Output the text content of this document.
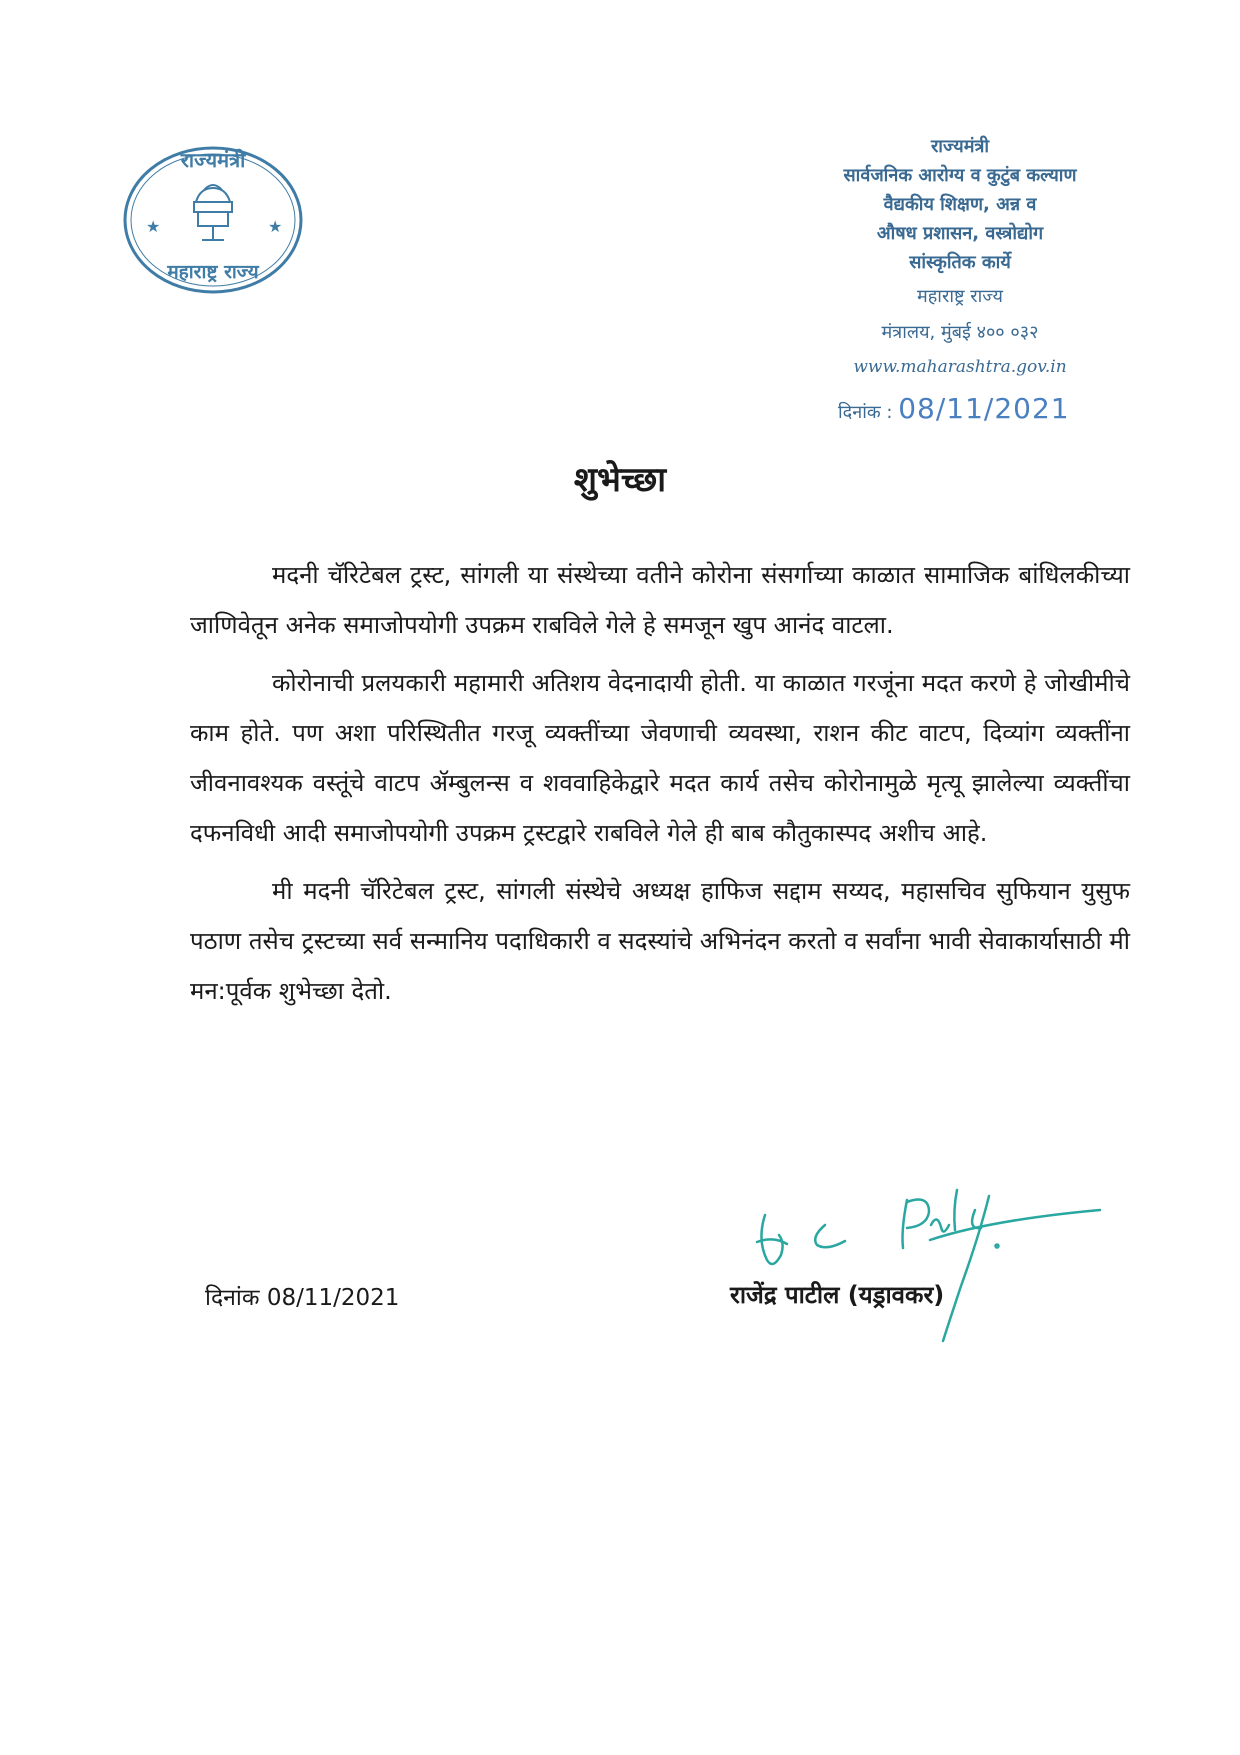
★	★
राज्यमंत्री
महाराष्ट्र राज्य
राज्यमंत्री
सार्वजनिक आरोग्य व कुटुंब कल्याण
वैद्यकीय शिक्षण, अन्न व
औषध प्रशासन, वस्त्रोद्योग
सांस्कृतिक कार्ये
महाराष्ट्र राज्य
मंत्रालय, मुंबई ४०० ०३२
www.maharashtra.gov.in
दिनांक : 08/11/2021
शुभेच्छा

मदनी चॅरिटेबल ट्रस्ट, सांगली या संस्थेच्या वतीने कोरोना संसर्गाच्या काळात सामाजिक बांधिलकीच्या जाणिवेतून अनेक समाजोपयोगी उपक्रम राबविले गेले हे समजून खुप आनंद वाटला.

कोरोनाची प्रलयकारी महामारी अतिशय वेदनादायी होती. या काळात गरजूंना मदत करणे हे जोखीमीचे काम होते. पण अशा परिस्थितीत गरजू व्यक्तींच्या जेवणाची व्यवस्था, राशन कीट वाटप, दिव्यांग व्यक्तींना जीवनावश्यक वस्तूंचे वाटप ॲम्बुलन्स व शववाहिकेद्वारे मदत कार्य तसेच कोरोनामुळे मृत्यू झालेल्या व्यक्तींचा दफनविधी आदी समाजोपयोगी उपक्रम ट्रस्टद्वारे राबविले गेले ही बाब कौतुकास्पद अशीच आहे.

मी मदनी चॅरिटेबल ट्रस्ट, सांगली संस्थेचे अध्यक्ष हाफिज सद्दाम सय्यद, महासचिव सुफियान युसुफ पठाण तसेच ट्रस्टच्या सर्व सन्मानिय पदाधिकारी व सदस्यांचे अभिनंदन करतो व सर्वांना भावी सेवाकार्यासाठी मी मन:पूर्वक शुभेच्छा देतो.

दिनांक 08/11/2021	राजेंद्र पाटील (यड्रावकर)
